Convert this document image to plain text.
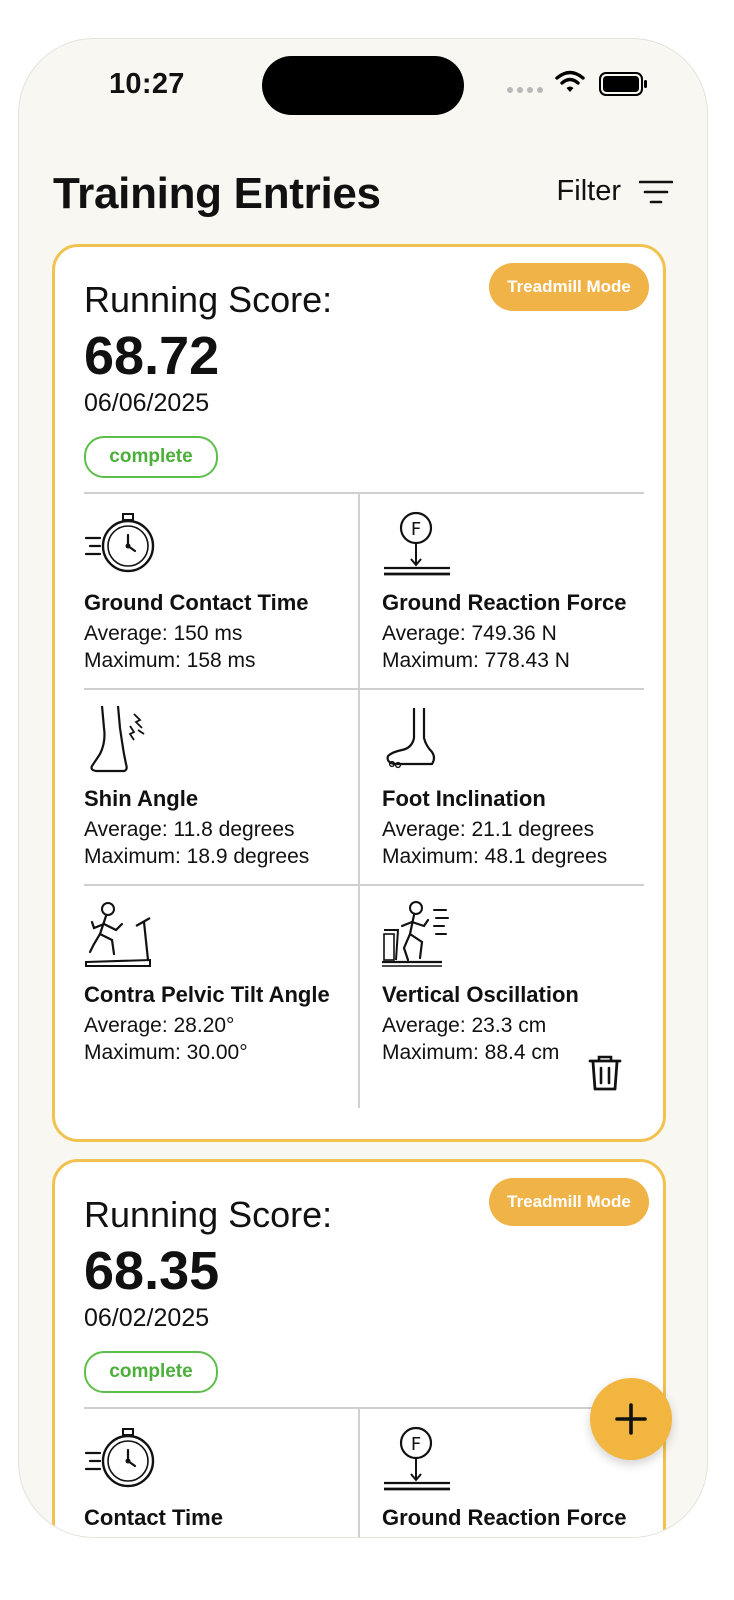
10:27
Training Entries	Filter
Treadmill Mode
Running Score:
68.72
06/06/2025
complete
Ground Contact Time
Average: 150 ms
Maximum: 158 ms
F
Ground Reaction Force
Average: 749.36 N
Maximum: 778.43 N
Shin Angle
Average: 11.8 degrees
Maximum: 18.9 degrees
Foot Inclination
Average: 21.1 degrees
Maximum: 48.1 degrees
Contra Pelvic Tilt Angle
Average: 28.20°
Maximum: 30.00°
Vertical Oscillation
Average: 23.3 cm
Maximum: 88.4 cm
Treadmill Mode
Running Score:
68.35
06/02/2025
complete
Contact Time
F
Ground Reaction Force
